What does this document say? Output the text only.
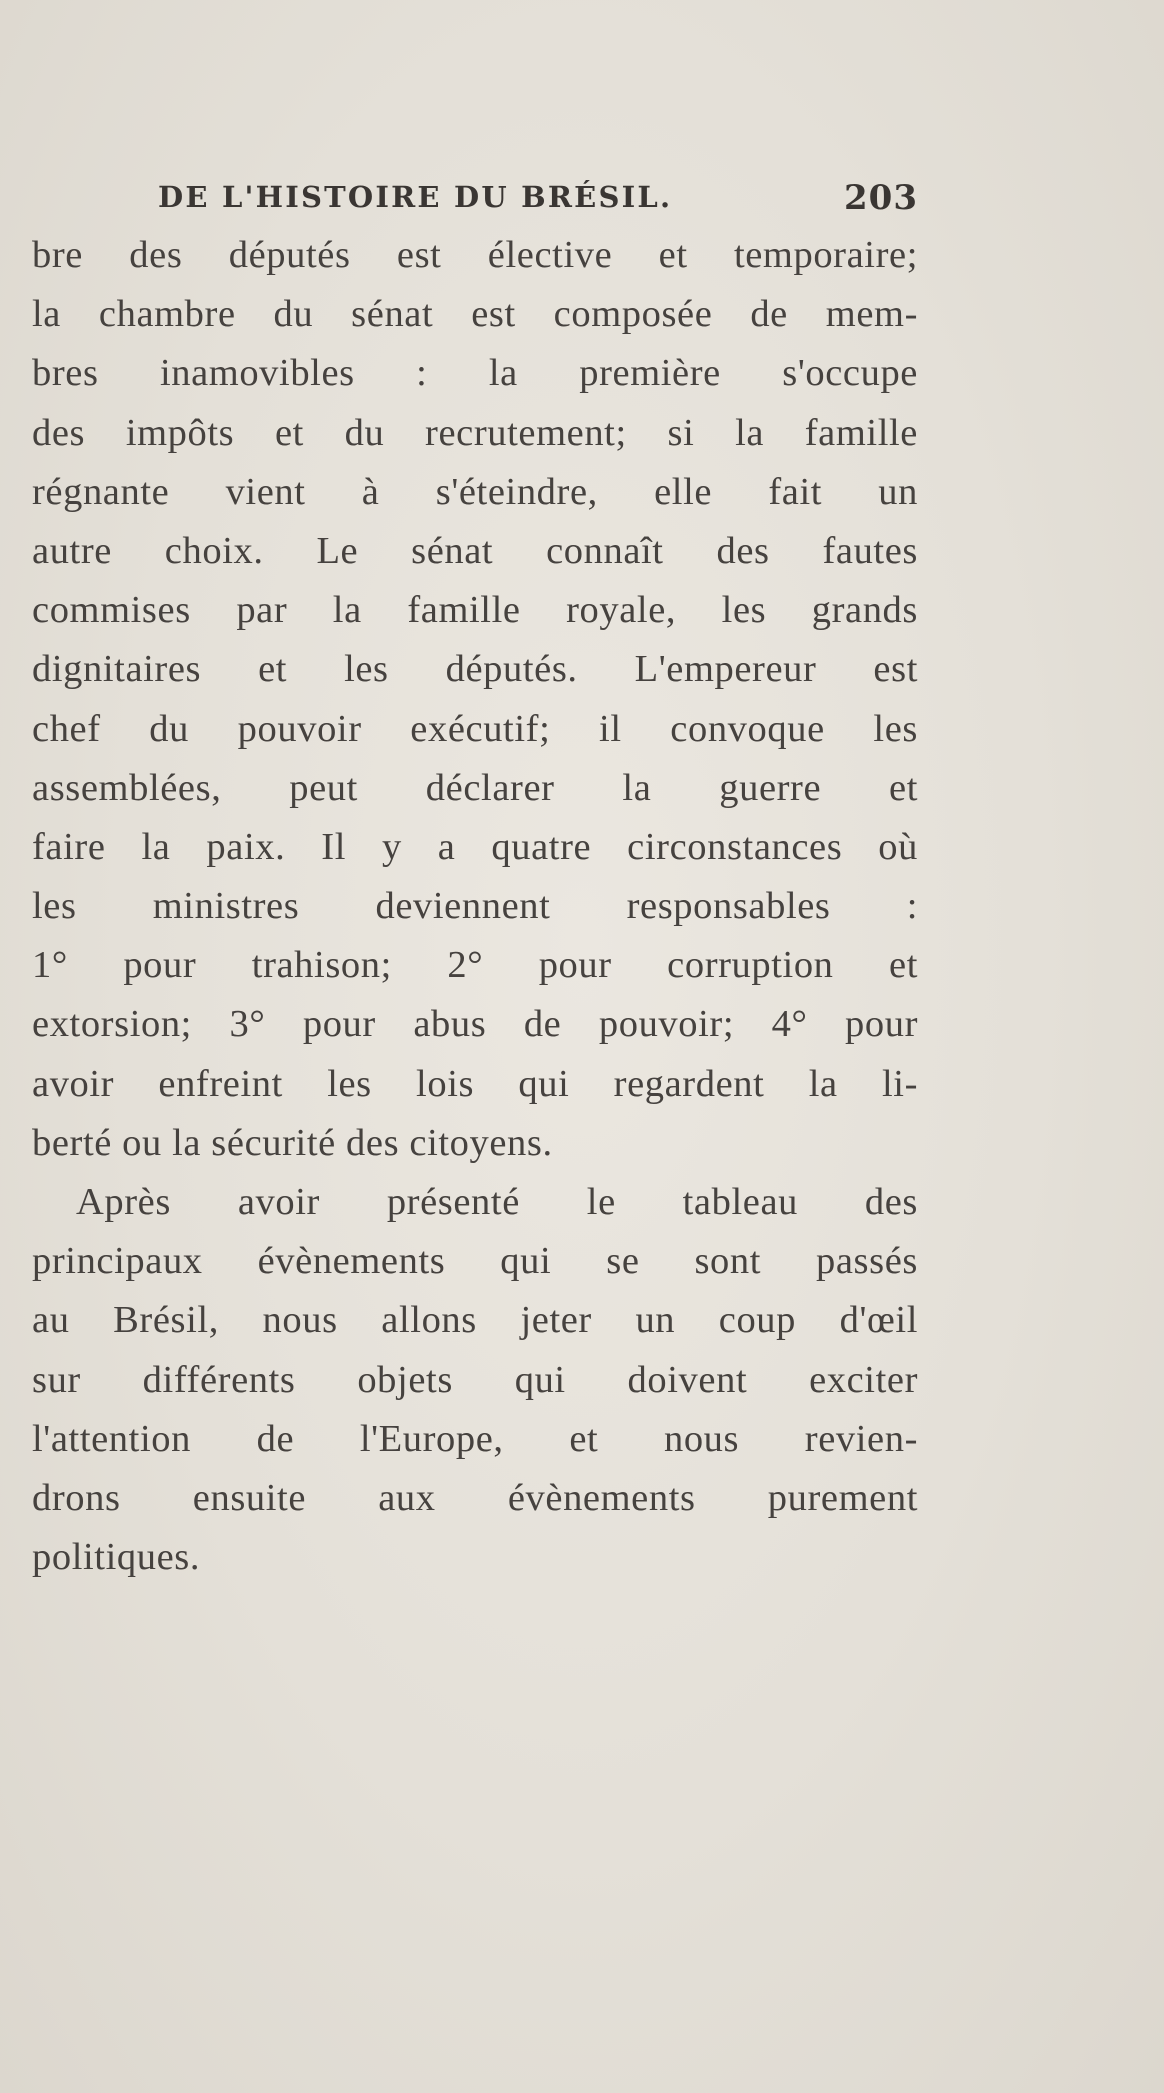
DE L'HISTOIRE DU BRÉSIL.	203
bre des députés est élective et temporaire;
la chambre du sénat est composée de mem-
bres inamovibles : la première s'occupe
des impôts et du recrutement; si la famille
régnante vient à s'éteindre, elle fait un
autre choix. Le sénat connaît des fautes
commises par la famille royale, les grands
dignitaires et les députés. L'empereur est
chef du pouvoir exécutif; il convoque les
assemblées, peut déclarer la guerre et
faire la paix. Il y a quatre circonstances où
les ministres deviennent responsables :
1° pour trahison; 2° pour corruption et
extorsion; 3° pour abus de pouvoir; 4° pour
avoir enfreint les lois qui regardent la li-
berté ou la sécurité des citoyens.
Après avoir présenté le tableau des
principaux évènements qui se sont passés
au Brésil, nous allons jeter un coup d'œil
sur différents objets qui doivent exciter
l'attention de l'Europe, et nous revien-
drons ensuite aux évènements purement
politiques.
